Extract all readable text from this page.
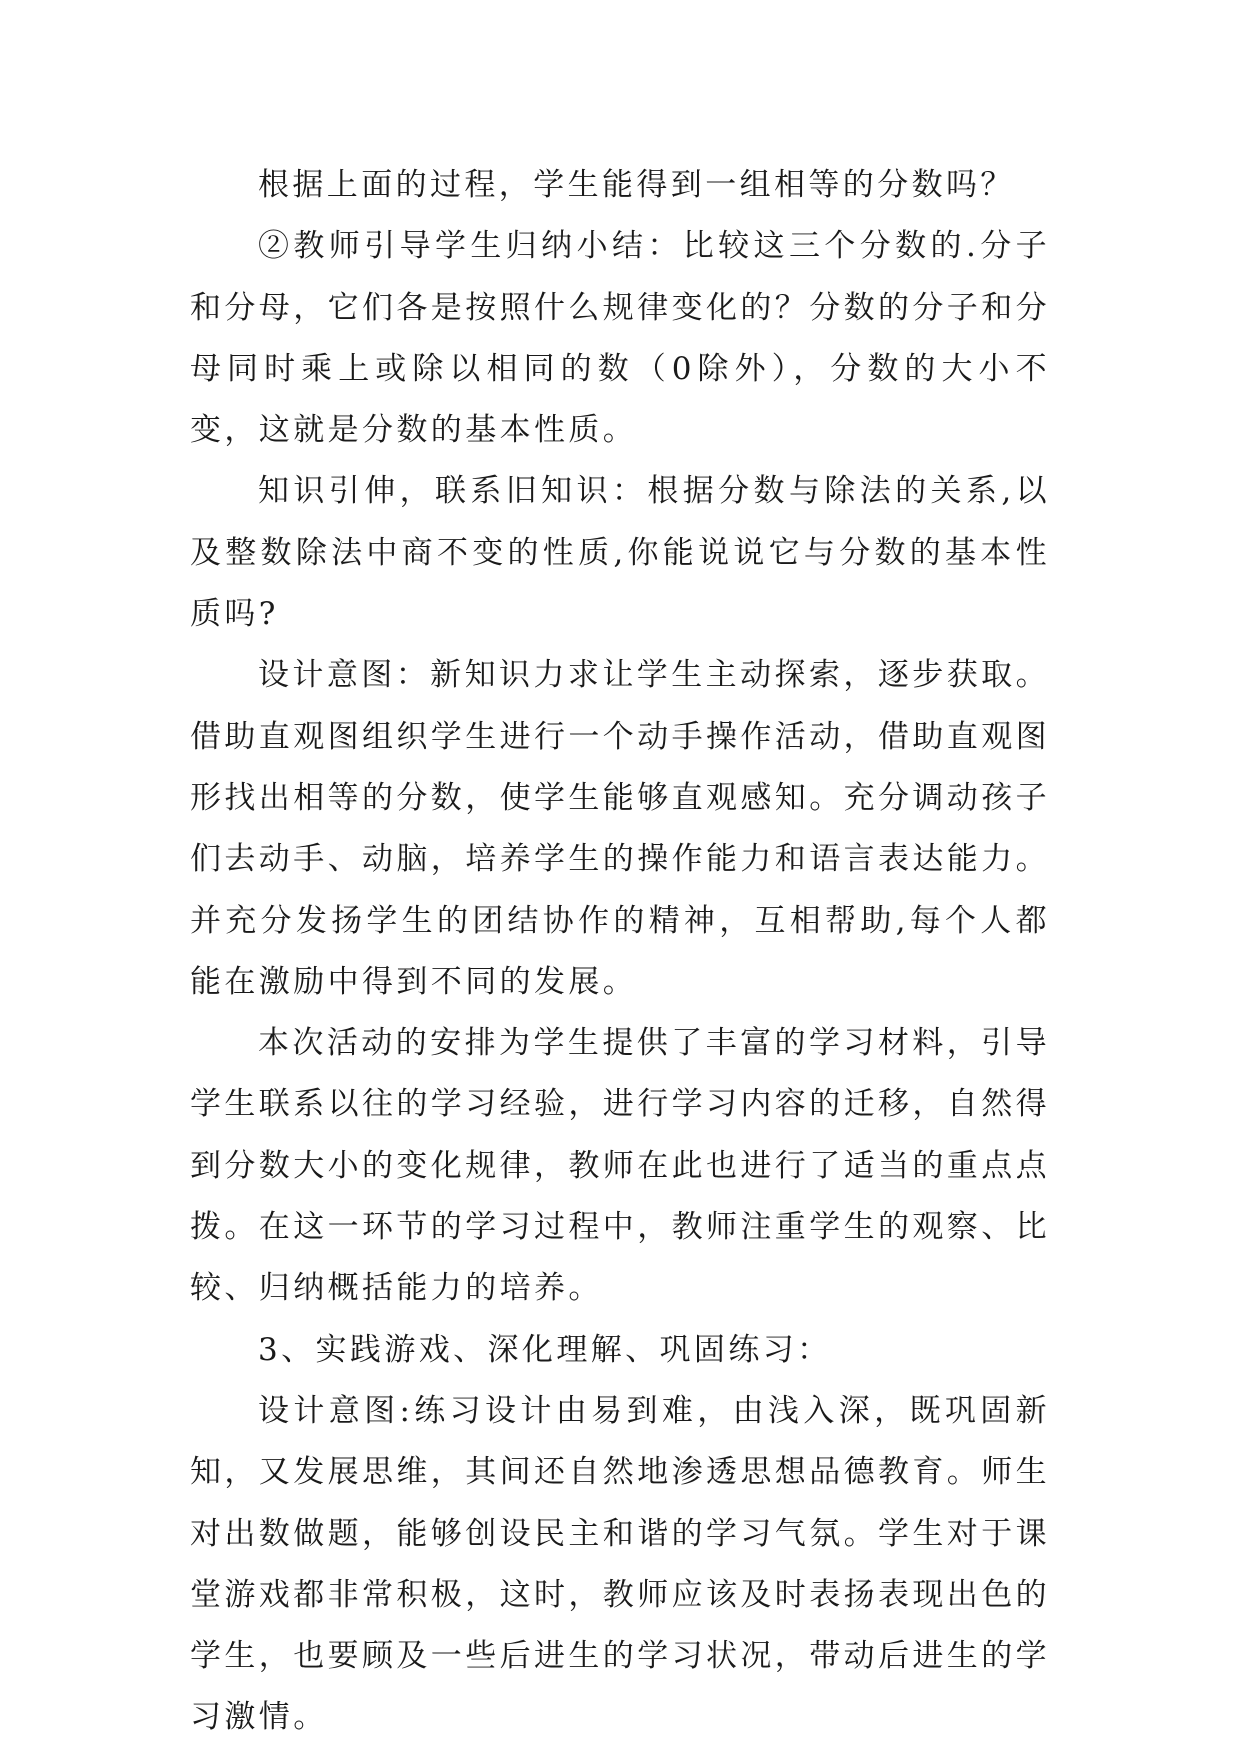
根据上面的过程，学生能得到一组相等的分数吗？

②教师引导学生归纳小结：比较这三个分数的.分子和分母，它们各是按照什么规律变化的？分数的分子和分母同时乘上或除以相同的数（0除外），分数的大小不变，这就是分数的基本性质。

知识引伸，联系旧知识：根据分数与除法的关系,以及整数除法中商不变的性质,你能说说它与分数的基本性质吗?

设计意图：新知识力求让学生主动探索，逐步获取。借助直观图组织学生进行一个动手操作活动，借助直观图形找出相等的分数，使学生能够直观感知。充分调动孩子们去动手、动脑，培养学生的操作能力和语言表达能力。并充分发扬学生的团结协作的精神，互相帮助,每个人都能在激励中得到不同的发展。

本次活动的安排为学生提供了丰富的学习材料，引导学生联系以往的学习经验，进行学习内容的迁移，自然得到分数大小的变化规律，教师在此也进行了适当的重点点拨。在这一环节的学习过程中，教师注重学生的观察、比较、归纳概括能力的培养。

3、实践游戏、深化理解、巩固练习：

设计意图:练习设计由易到难，由浅入深，既巩固新知，又发展思维，其间还自然地渗透思想品德教育。师生对出数做题，能够创设民主和谐的学习气氛。学生对于课堂游戏都非常积极，这时，教师应该及时表扬表现出色的学生，也要顾及一些后进生的学习状况，带动后进生的学习激情。
